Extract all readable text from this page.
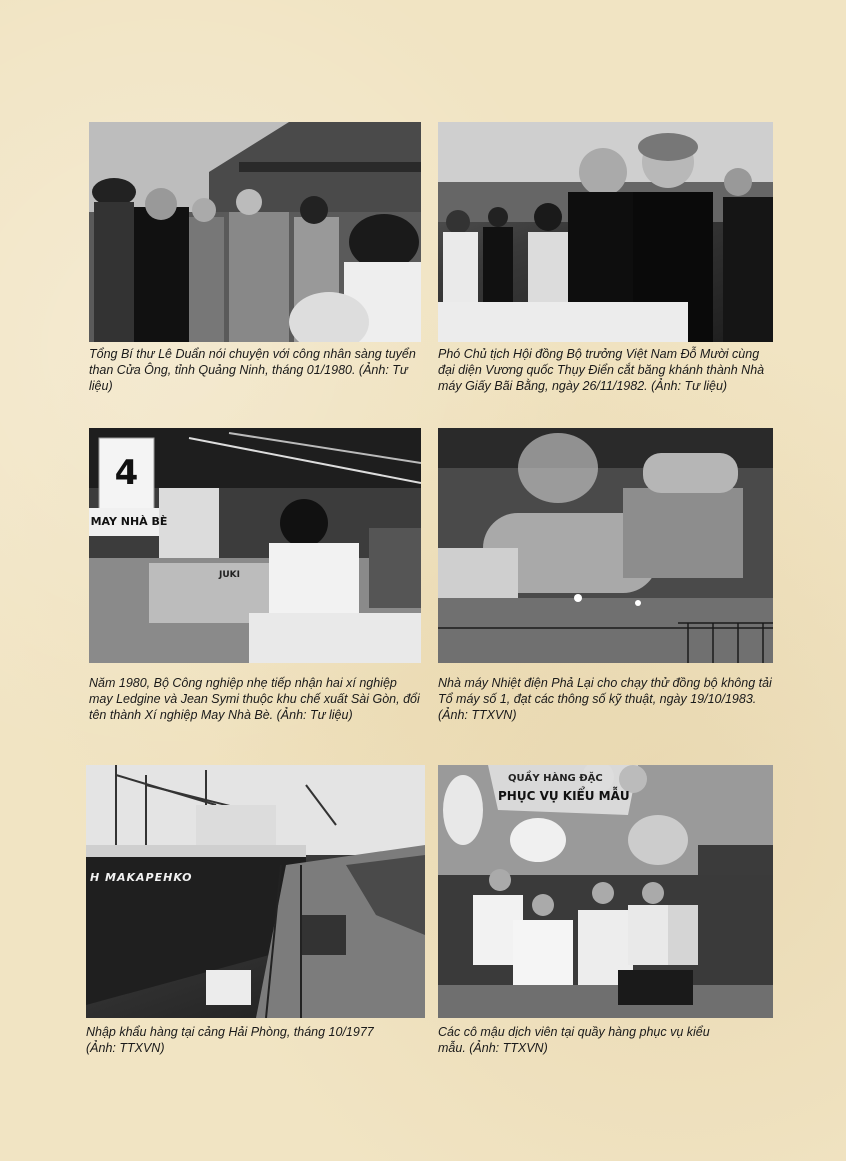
Tổng Bí thư Lê Duẩn nói chuyện với công nhân sàng tuyển than Cửa Ông, tỉnh Quảng Ninh, tháng 01/1980. (Ảnh: Tư liệu)

Phó Chủ tịch Hội đồng Bộ trưởng Việt Nam Đỗ Mười cùng đại diện Vương quốc Thụy Điển cắt băng khánh thành Nhà máy Giấy Bãi Bằng, ngày 26/11/1982. (Ảnh: Tư liệu)

4
MAY NHÀ BÈ
JUKI

Năm 1980, Bộ Công nghiệp nhẹ tiếp nhận hai xí nghiệp may Ledgine và Jean Symi thuộc khu chế xuất Sài Gòn, đổi tên thành Xí nghiệp May Nhà Bè. (Ảnh: Tư liệu)

Nhà máy Nhiệt điện Phả Lại cho chạy thử đồng bộ không tải Tổ máy số 1, đạt các thông số kỹ thuật, ngày 19/10/1983. (Ảnh: TTXVN)

H MAKAPEHKO

Nhập khẩu hàng tại cảng Hải Phòng, tháng 10/1977 (Ảnh: TTXVN)

QUẦY HÀNG ĐẶC
PHỤC VỤ KIỂU MẪU

Các cô mậu dịch viên tại quầy hàng phục vụ kiểu mẫu. (Ảnh: TTXVN)
